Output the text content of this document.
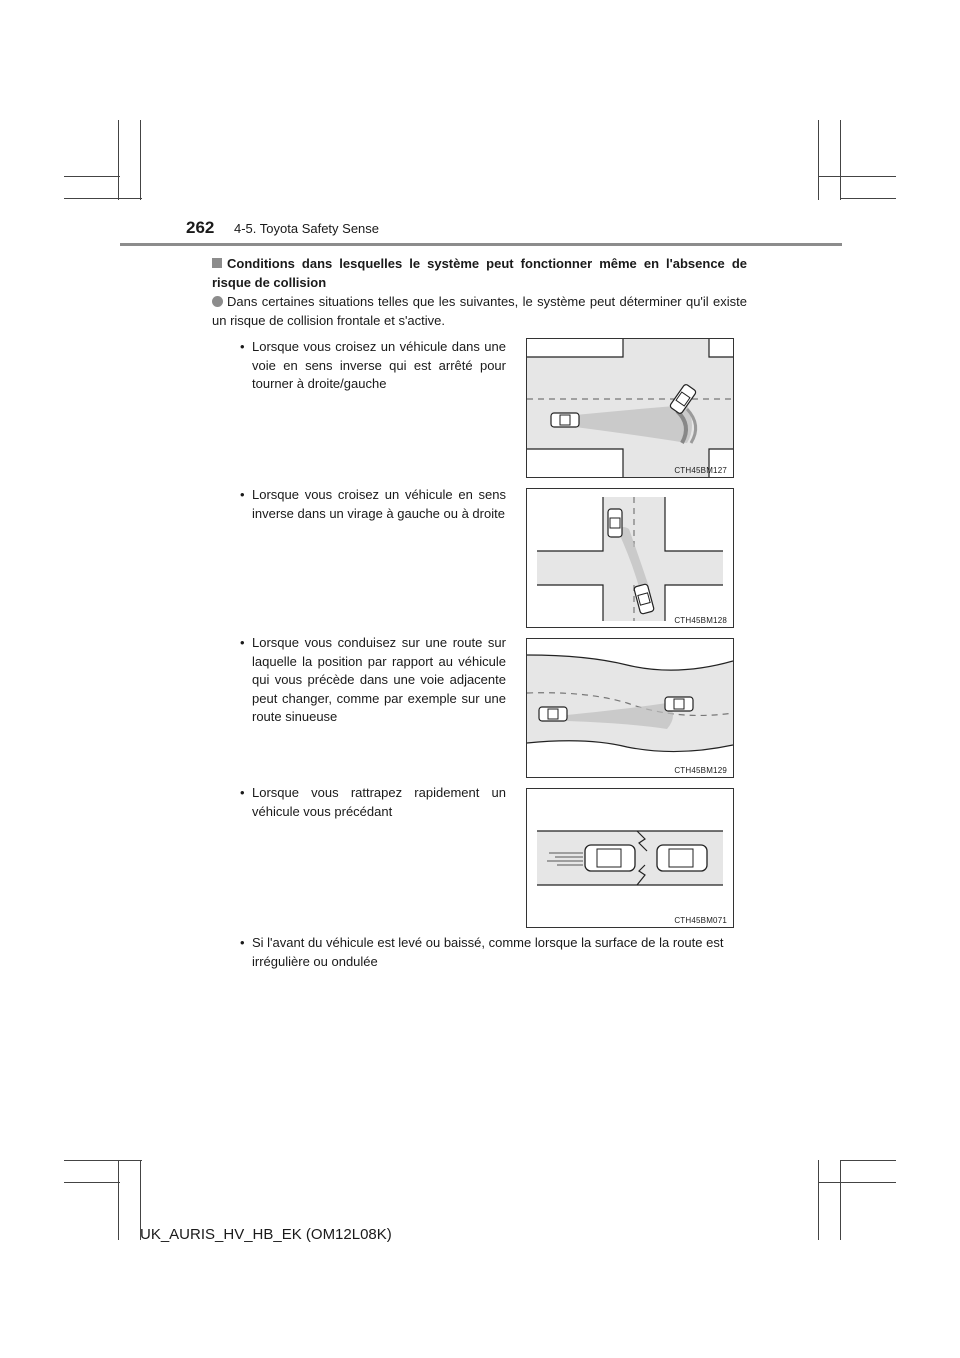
262 4-5. Toyota Safety Sense
Conditions dans lesquelles le système peut fonctionner même en l'absence de risque de collision
Dans certaines situations telles que les suivantes, le système peut déterminer qu'il existe un risque de collision frontale et s'active.
• Lorsque vous croisez un véhicule dans une voie en sens inverse qui est arrêté pour tourner à droite/gauche
CTH45BM127
• Lorsque vous croisez un véhicule en sens inverse dans un virage à gauche ou à droite
CTH45BM128
• Lorsque vous conduisez sur une route sur laquelle la position par rapport au véhicule qui vous précède dans une voie adjacente peut changer, comme par exemple sur une route sinueuse
CTH45BM129
• Lorsque vous rattrapez rapidement un véhicule vous précédant
CTH45BM071
• Si l'avant du véhicule est levé ou baissé, comme lorsque la surface de la route est irrégulière ou ondulée
UK_AURIS_HV_HB_EK (OM12L08K)
